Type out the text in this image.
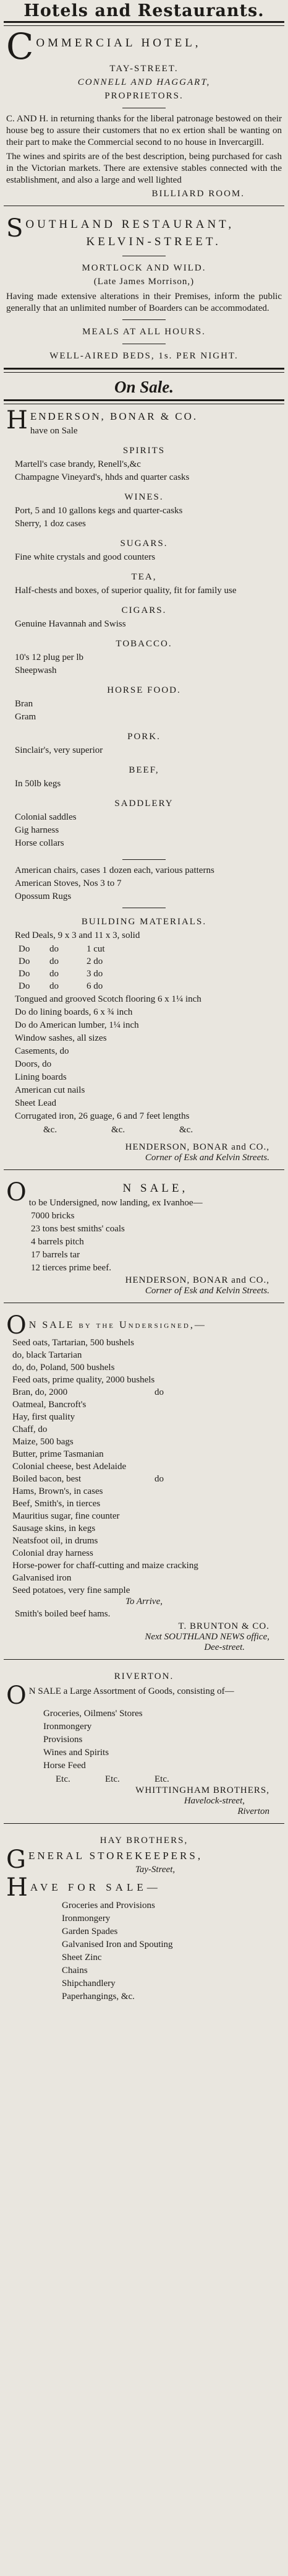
Hotels and Restaurants.
C OMMERCIAL HOTEL,
TAY-STREET.
CONNELL AND HAGGART,
PROPRIETORS.

C. AND H. in returning thanks for the liberal patronage bestowed on their house beg to assure their customers that no ex ertion shall be wanting on their part to make the Commercial second to no house in Invercargill.

The wines and spirits are of the best description, being purchased for cash in the Victorian markets. There are extensive stables connected with the establishment, and also a large and well lighted

BILLIARD ROOM.
S OUTHLAND RESTAURANT,
KELVIN-STREET.
MORTLOCK AND WILD.
(Late James Morrison,)

Having made extensive alterations in their Premises, inform the public generally that an unlimited number of Boarders can be accommodated.

MEALS AT ALL HOURS.
WELL-AIRED BEDS, 1s. PER NIGHT.
On Sale.
H ENDERSON, BONAR & CO.
have on Sale
SPIRITS
Martell's case brandy, Renell's,&c
Champagne Vineyard's, hhds and quarter casks
WINES.
Port, 5 and 10 gallons kegs and quarter-casks
Sherry, 1 doz cases
SUGARS.
Fine white crystals and good counters
TEA,
Half-chests and boxes, of superior quality, fit for family use
CIGARS.
Genuine Havannah and Swiss
TOBACCO.
10's 12 plug per lb
Sheepwash
HORSE FOOD.
Bran
Gram
PORK.
Sinclair's, very superior
BEEF,
In 50lb kegs
SADDLERY
Colonial saddles
Gig harness
Horse collars
American chairs, cases 1 dozen each, various patterns
American Stoves, Nos 3 to 7
Opossum Rugs
BUILDING MATERIALS.
Red Deals, 9 x 3 and 11 x 3, solid
Do	do	1 cut
Do	do	2 do
Do	do	3 do
Do	do	6 do
Tongued and grooved Scotch flooring 6 x 1¼ inch
Do do lining boards, 6 x ¾ inch
Do do American lumber, 1¼ inch
Window sashes, all sizes
Casements, do
Doors, do
Lining boards
American cut nails
Sheet Lead
Corrugated iron, 26 guage, 6 and 7 feet lengths
&c.	&c.	&c.
HENDERSON, BONAR and CO.,
Corner of Esk and Kelvin Streets.
O	N SALE,
to be Undersigned, now landing, ex Ivanhoe—
7000 bricks
23 tons best smiths' coals
4 barrels pitch
17 barrels tar
12 tierces prime beef.
HENDERSON, BONAR and CO.,
Corner of Esk and Kelvin Streets.
O N SALE by the Undersigned,—
Seed oats, Tartarian, 500 bushels
do, black Tartarian
do, do, Poland, 500 bushels
Feed oats, prime quality, 2000 bushels
Bran, do, 2000	do
Oatmeal, Bancroft's
Hay, first quality
Chaff, do
Maize, 500 bags
Butter, prime Tasmanian
Colonial cheese, best Adelaide
Boiled bacon, best	do
Hams, Brown's, in cases
Beef, Smith's, in tierces
Mauritius sugar, fine counter
Sausage skins, in kegs
Neatsfoot oil, in drums
Colonial dray harness
Horse-power for chaff-cutting and maize cracking
Galvanised iron
Seed potatoes, very fine sample
To Arrive,
Smith's boiled beef hams.
T. BRUNTON & CO.
Next SOUTHLAND NEWS office,
Dee-street.
RIVERTON.
O N SALE a Large Assortment of Goods, consisting of—
Groceries, Oilmens' Stores
Ironmongery
Provisions
Wines and Spirits
Horse Feed
Etc.	Etc.	Etc.
WHITTINGHAM BROTHERS,
Havelock-street,
Riverton
HAY BROTHERS,
G ENERAL STOREKEEPERS,
Tay-Street,
H AVE FOR SALE—
Groceries and Provisions
Ironmongery
Garden Spades
Galvanised Iron and Spouting
Sheet Zinc
Chains
Shipchandlery
Paperhangings, &c.
